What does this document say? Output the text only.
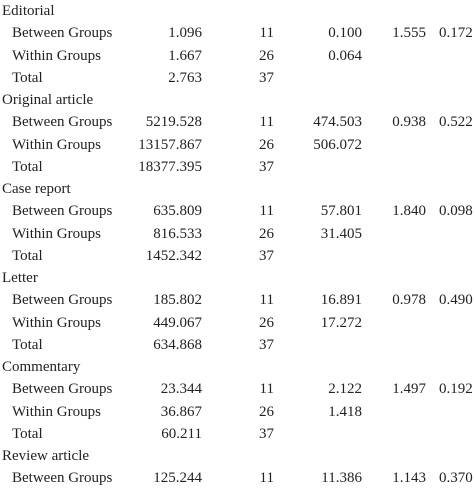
Editorial
Between Groups	1.096	11	0.100 1.555 0.172
Within Groups	1.667	26	0.064
Total	2.763	37
Original article
Between Groups 5219.528	11	474.503 0.938 0.522
Within Groups 13157.867	26	506.072
Total	18377.395	37
Case report
Between Groups	635.809	11	57.801 1.840 0.098
Within Groups	816.533	26	31.405
Total	1452.342	37
Letter
Between Groups	185.802	11	16.891 0.978 0.490
Within Groups	449.067	26	17.272
Total	634.868	37
Commentary
Between Groups	23.344	11	2.122 1.497 0.192
Within Groups	36.867	26	1.418
Total	60.211	37
Review article
Between Groups	125.244	11	11.386 1.143 0.370
